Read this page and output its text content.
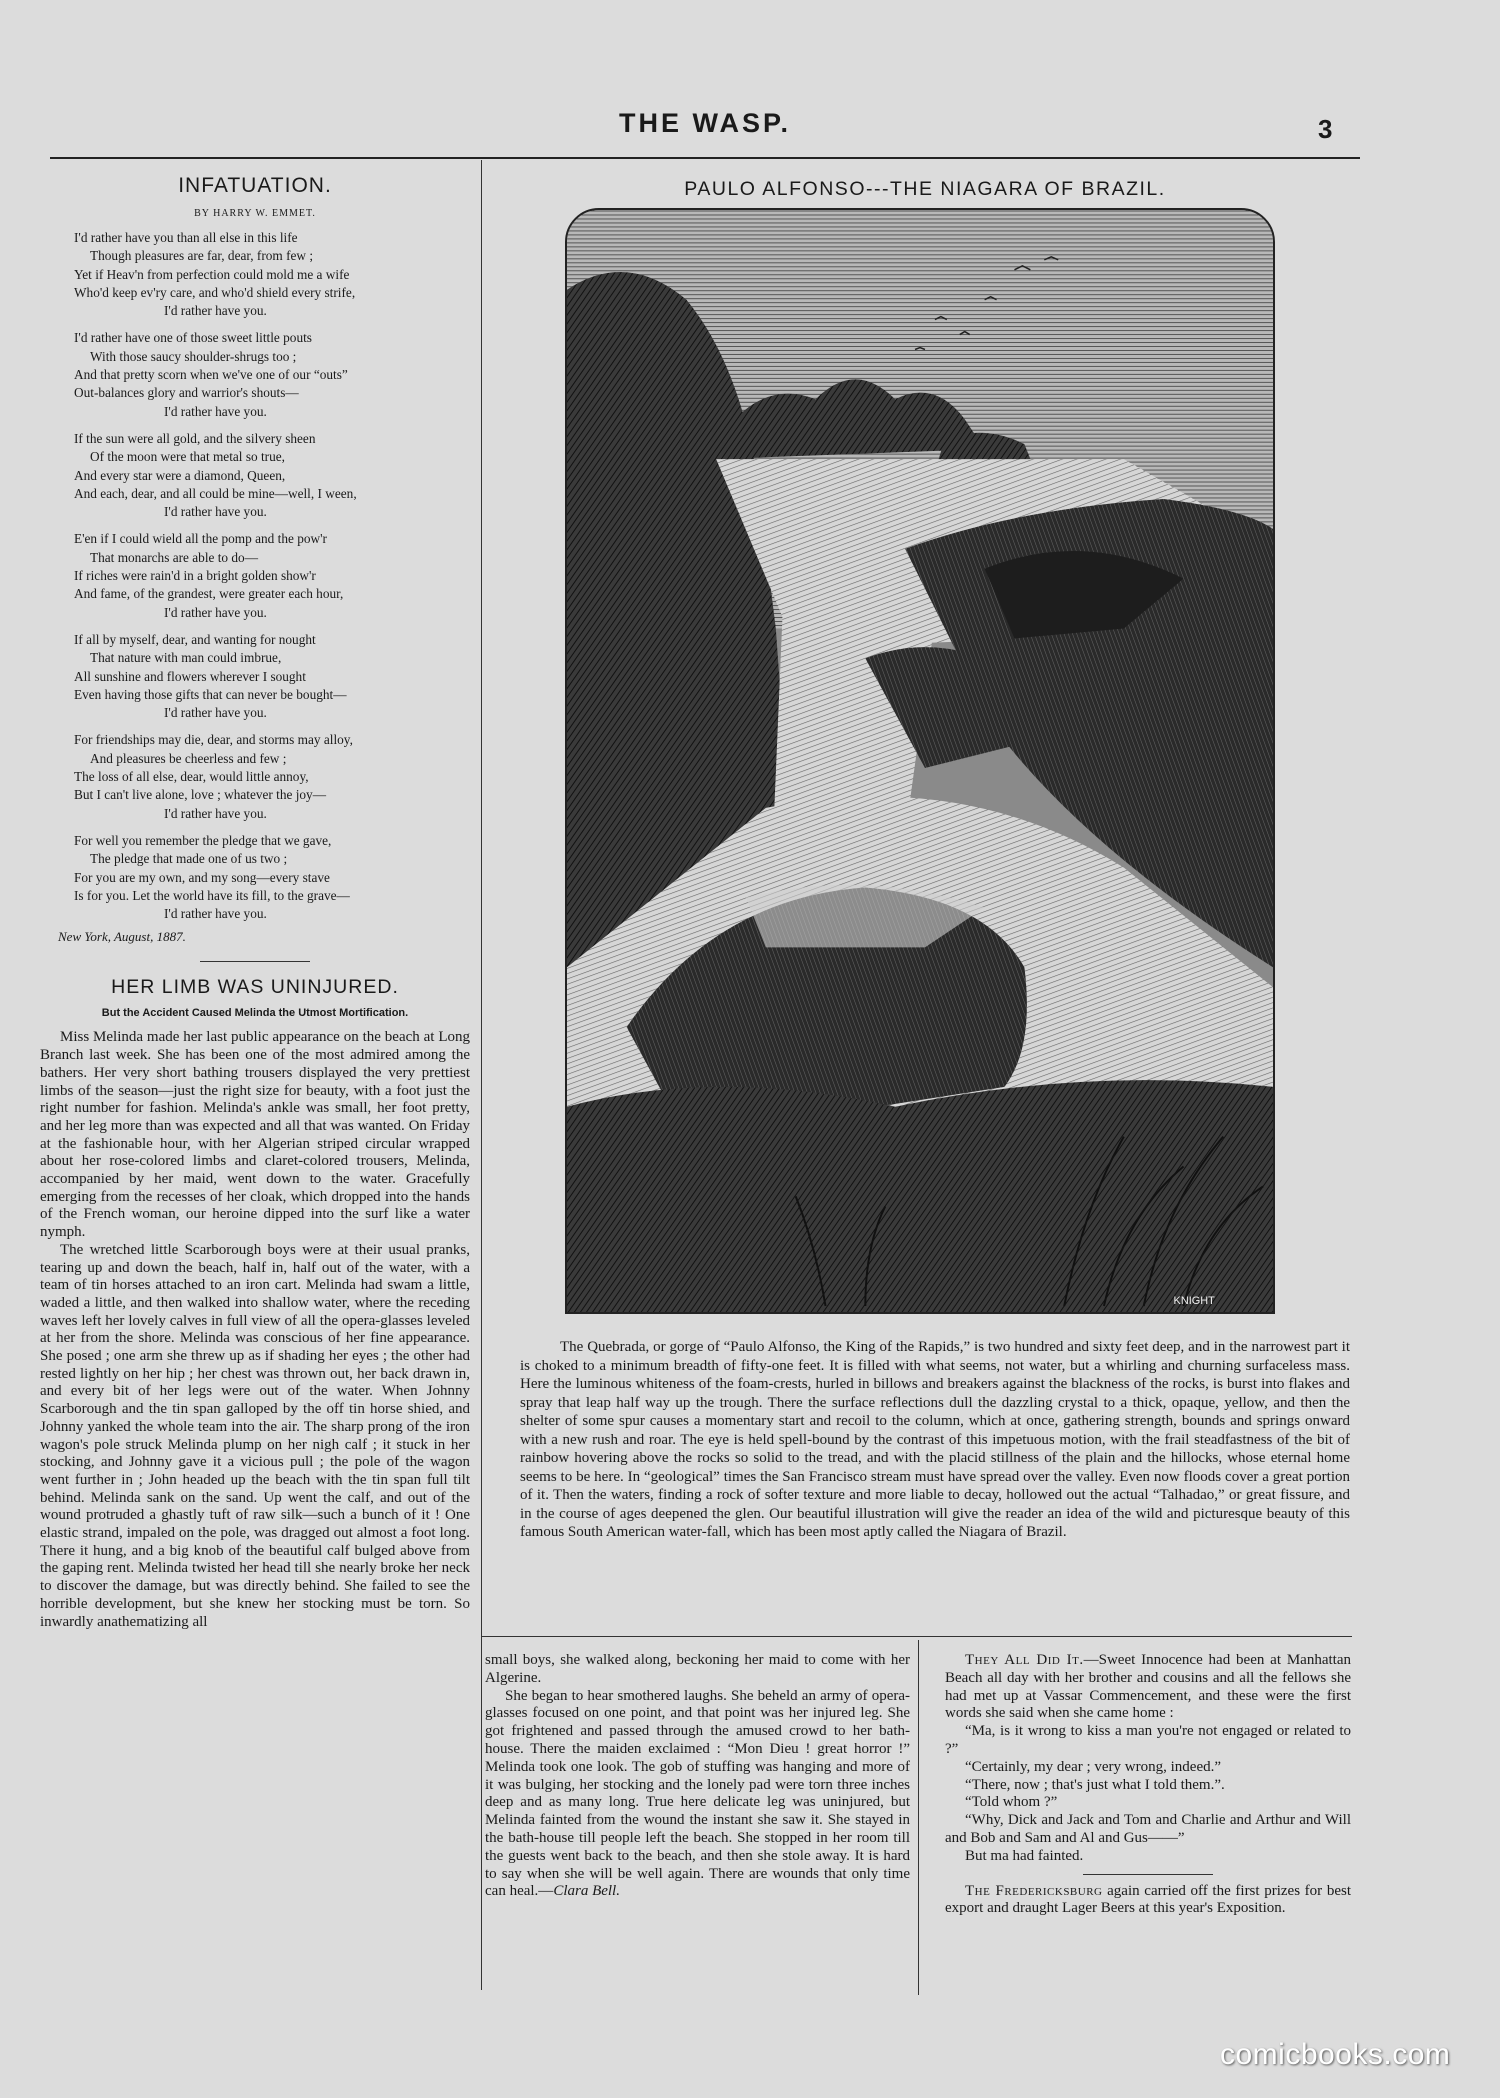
THE WASP.	3
INFATUATION.
BY HARRY W. EMMET.
I'd rather have you than all else in this life
Though pleasures are far, dear, from few ;
Yet if Heav'n from perfection could mold me a wife
Who'd keep ev'ry care, and who'd shield every strife,
I'd rather have you.
I'd rather have one of those sweet little pouts
With those saucy shoulder-shrugs too ;
And that pretty scorn when we've one of our “outs”
Out-balances glory and warrior's shouts—
I'd rather have you.
If the sun were all gold, and the silvery sheen
Of the moon were that metal so true,
And every star were a diamond, Queen,
And each, dear, and all could be mine—well, I ween,
I'd rather have you.
E'en if I could wield all the pomp and the pow'r
That monarchs are able to do—
If riches were rain'd in a bright golden show'r
And fame, of the grandest, were greater each hour,
I'd rather have you.
If all by myself, dear, and wanting for nought
That nature with man could imbrue,
All sunshine and flowers wherever I sought
Even having those gifts that can never be bought—
I'd rather have you.
For friendships may die, dear, and storms may alloy,
And pleasures be cheerless and few ;
The loss of all else, dear, would little annoy,
But I can't live alone, love ; whatever the joy—
I'd rather have you.
For well you remember the pledge that we gave,
The pledge that made one of us two ;
For you are my own, and my song—every stave
Is for you. Let the world have its fill, to the grave—
I'd rather have you.
New York, August, 1887.
HER LIMB WAS UNINJURED.
But the Accident Caused Melinda the Utmost Mortification.

Miss Melinda made her last public appearance on the beach at Long Branch last week. She has been one of the most admired among the bathers. Her very short bathing trousers displayed the very prettiest limbs of the season—just the right size for beauty, with a foot just the right number for fashion. Melinda's ankle was small, her foot pretty, and her leg more than was expected and all that was wanted. On Friday at the fashionable hour, with her Algerian striped circular wrapped about her rose-colored limbs and claret-colored trousers, Melinda, accompanied by her maid, went down to the water. Gracefully emerging from the recesses of her cloak, which dropped into the hands of the French woman, our heroine dipped into the surf like a water nymph.

The wretched little Scarborough boys were at their usual pranks, tearing up and down the beach, half in, half out of the water, with a team of tin horses attached to an iron cart. Melinda had swam a little, waded a little, and then walked into shallow water, where the receding waves left her lovely calves in full view of all the opera-glasses leveled at her from the shore. Melinda was conscious of her fine appearance. She posed ; one arm she threw up as if shading her eyes ; the other had rested lightly on her hip ; her chest was thrown out, her back drawn in, and every bit of her legs were out of the water. When Johnny Scarborough and the tin span galloped by the off tin horse shied, and Johnny yanked the whole team into the air. The sharp prong of the iron wagon's pole struck Melinda plump on her nigh calf ; it stuck in her stocking, and Johnny gave it a vicious pull ; the pole of the wagon went further in ; John headed up the beach with the tin span full tilt behind. Melinda sank on the sand. Up went the calf, and out of the wound protruded a ghastly tuft of raw silk—such a bunch of it ! One elastic strand, impaled on the pole, was dragged out almost a foot long. There it hung, and a big knob of the beautiful calf bulged above from the gaping rent. Melinda twisted her head till she nearly broke her neck to discover the damage, but was directly behind. She failed to see the horrible development, but she knew her stocking must be torn. So inwardly anathematizing all

PAULO ALFONSO---THE NIAGARA OF BRAZIL.
KNIGHT

The Quebrada, or gorge of “Paulo Alfonso, the King of the Rapids,” is two hundred and sixty feet deep, and in the narrowest part it is choked to a minimum breadth of fifty-one feet. It is filled with what seems, not water, but a whirling and churning surfaceless mass. Here the luminous whiteness of the foam-crests, hurled in billows and breakers against the blackness of the rocks, is burst into flakes and spray that leap half way up the trough. There the surface reflections dull the dazzling crystal to a thick, opaque, yellow, and then the shelter of some spur causes a momentary start and recoil to the column, which at once, gathering strength, bounds and springs onward with a new rush and roar. The eye is held spell-bound by the contrast of this impetuous motion, with the frail steadfastness of the bit of rainbow hovering above the rocks so solid to the tread, and with the placid stillness of the plain and the hillocks, whose eternal home seems to be here. In “geological” times the San Francisco stream must have spread over the valley. Even now floods cover a great portion of it. Then the waters, finding a rock of softer texture and more liable to decay, hollowed out the actual “Talhadao,” or great fissure, and in the course of ages deepened the glen. Our beautiful illustration will give the reader an idea of the wild and picturesque beauty of this famous South American water-fall, which has been most aptly called the Niagara of Brazil.

small boys, she walked along, beckoning her maid to come with her Algerine.

She began to hear smothered laughs. She beheld an army of opera-glasses focused on one point, and that point was her injured leg. She got frightened and passed through the amused crowd to her bath-house. There the maiden exclaimed : “Mon Dieu ! great horror !” Melinda took one look. The gob of stuffing was hanging and more of it was bulging, her stocking and the lonely pad were torn three inches deep and as many long. True here delicate leg was uninjured, but Melinda fainted from the wound the instant she saw it. She stayed in the bath-house till people left the beach. She stopped in her room till the guests went back to the beach, and then she stole away. It is hard to say when she will be well again. There are wounds that only time can heal.—Clara Bell.

They All Did It.—Sweet Innocence had been at Manhattan Beach all day with her brother and cousins and all the fellows she had met up at Vassar Commencement, and these were the first words she said when she came home :

“Ma, is it wrong to kiss a man you're not engaged or related to ?”

“Certainly, my dear ; very wrong, indeed.”

“There, now ; that's just what I told them.”.

“Told whom ?”

“Why, Dick and Jack and Tom and Charlie and Arthur and Will and Bob and Sam and Al and Gus——”

But ma had fainted.

The Fredericksburg again carried off the first prizes for best export and draught Lager Beers at this year's Exposition.

comicbooks.com
